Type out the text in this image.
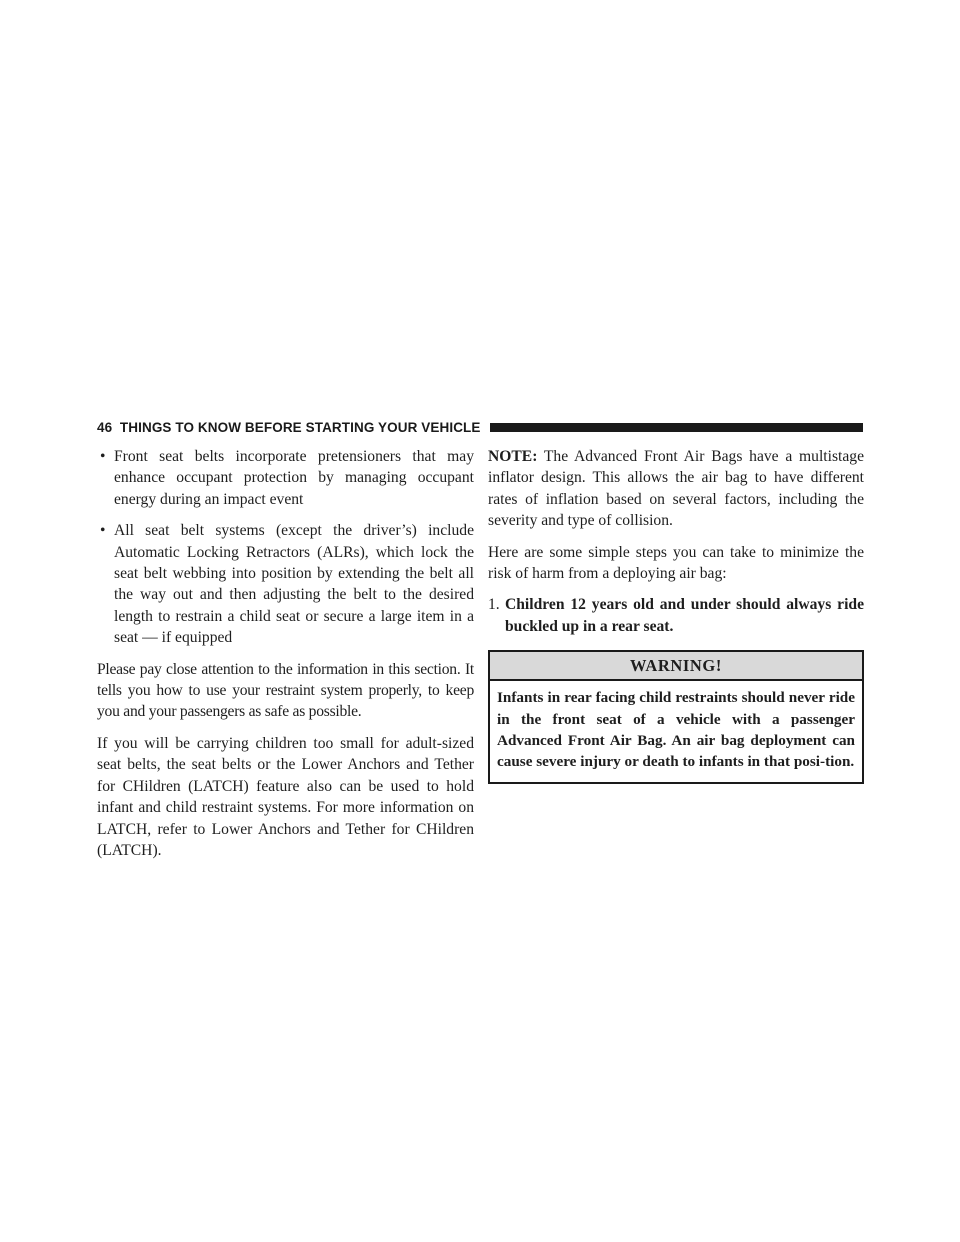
46 THINGS TO KNOW BEFORE STARTING YOUR VEHICLE
• Front seat belts incorporate pretensioners that may enhance occupant protection by managing occupant energy during an impact event
• All seat belt systems (except the driver’s) include Automatic Locking Retractors (ALRs), which lock the seat belt webbing into position by extending the belt all the way out and then adjusting the belt to the desired length to restrain a child seat or secure a large item in a seat — if equipped

Please pay close attention to the information in this section. It tells you how to use your restraint system properly, to keep you and your passengers as safe as possible.

If you will be carrying children too small for adult-sized seat belts, the seat belts or the Lower Anchors and Tether for CHildren (LATCH) feature also can be used to hold infant and child restraint systems. For more information on LATCH, refer to Lower Anchors and Tether for CHildren (LATCH).

NOTE: The Advanced Front Air Bags have a multistage inflator design. This allows the air bag to have different rates of inflation based on several factors, including the severity and type of collision.

Here are some simple steps you can take to minimize the risk of harm from a deploying air bag:

1. Children 12 years old and under should always ride buckled up in a rear seat.
WARNING!
Infants in rear facing child restraints should never ride in the front seat of a vehicle with a passenger Advanced Front Air Bag. An air bag deployment can cause severe injury or death to infants in that posi-tion.
